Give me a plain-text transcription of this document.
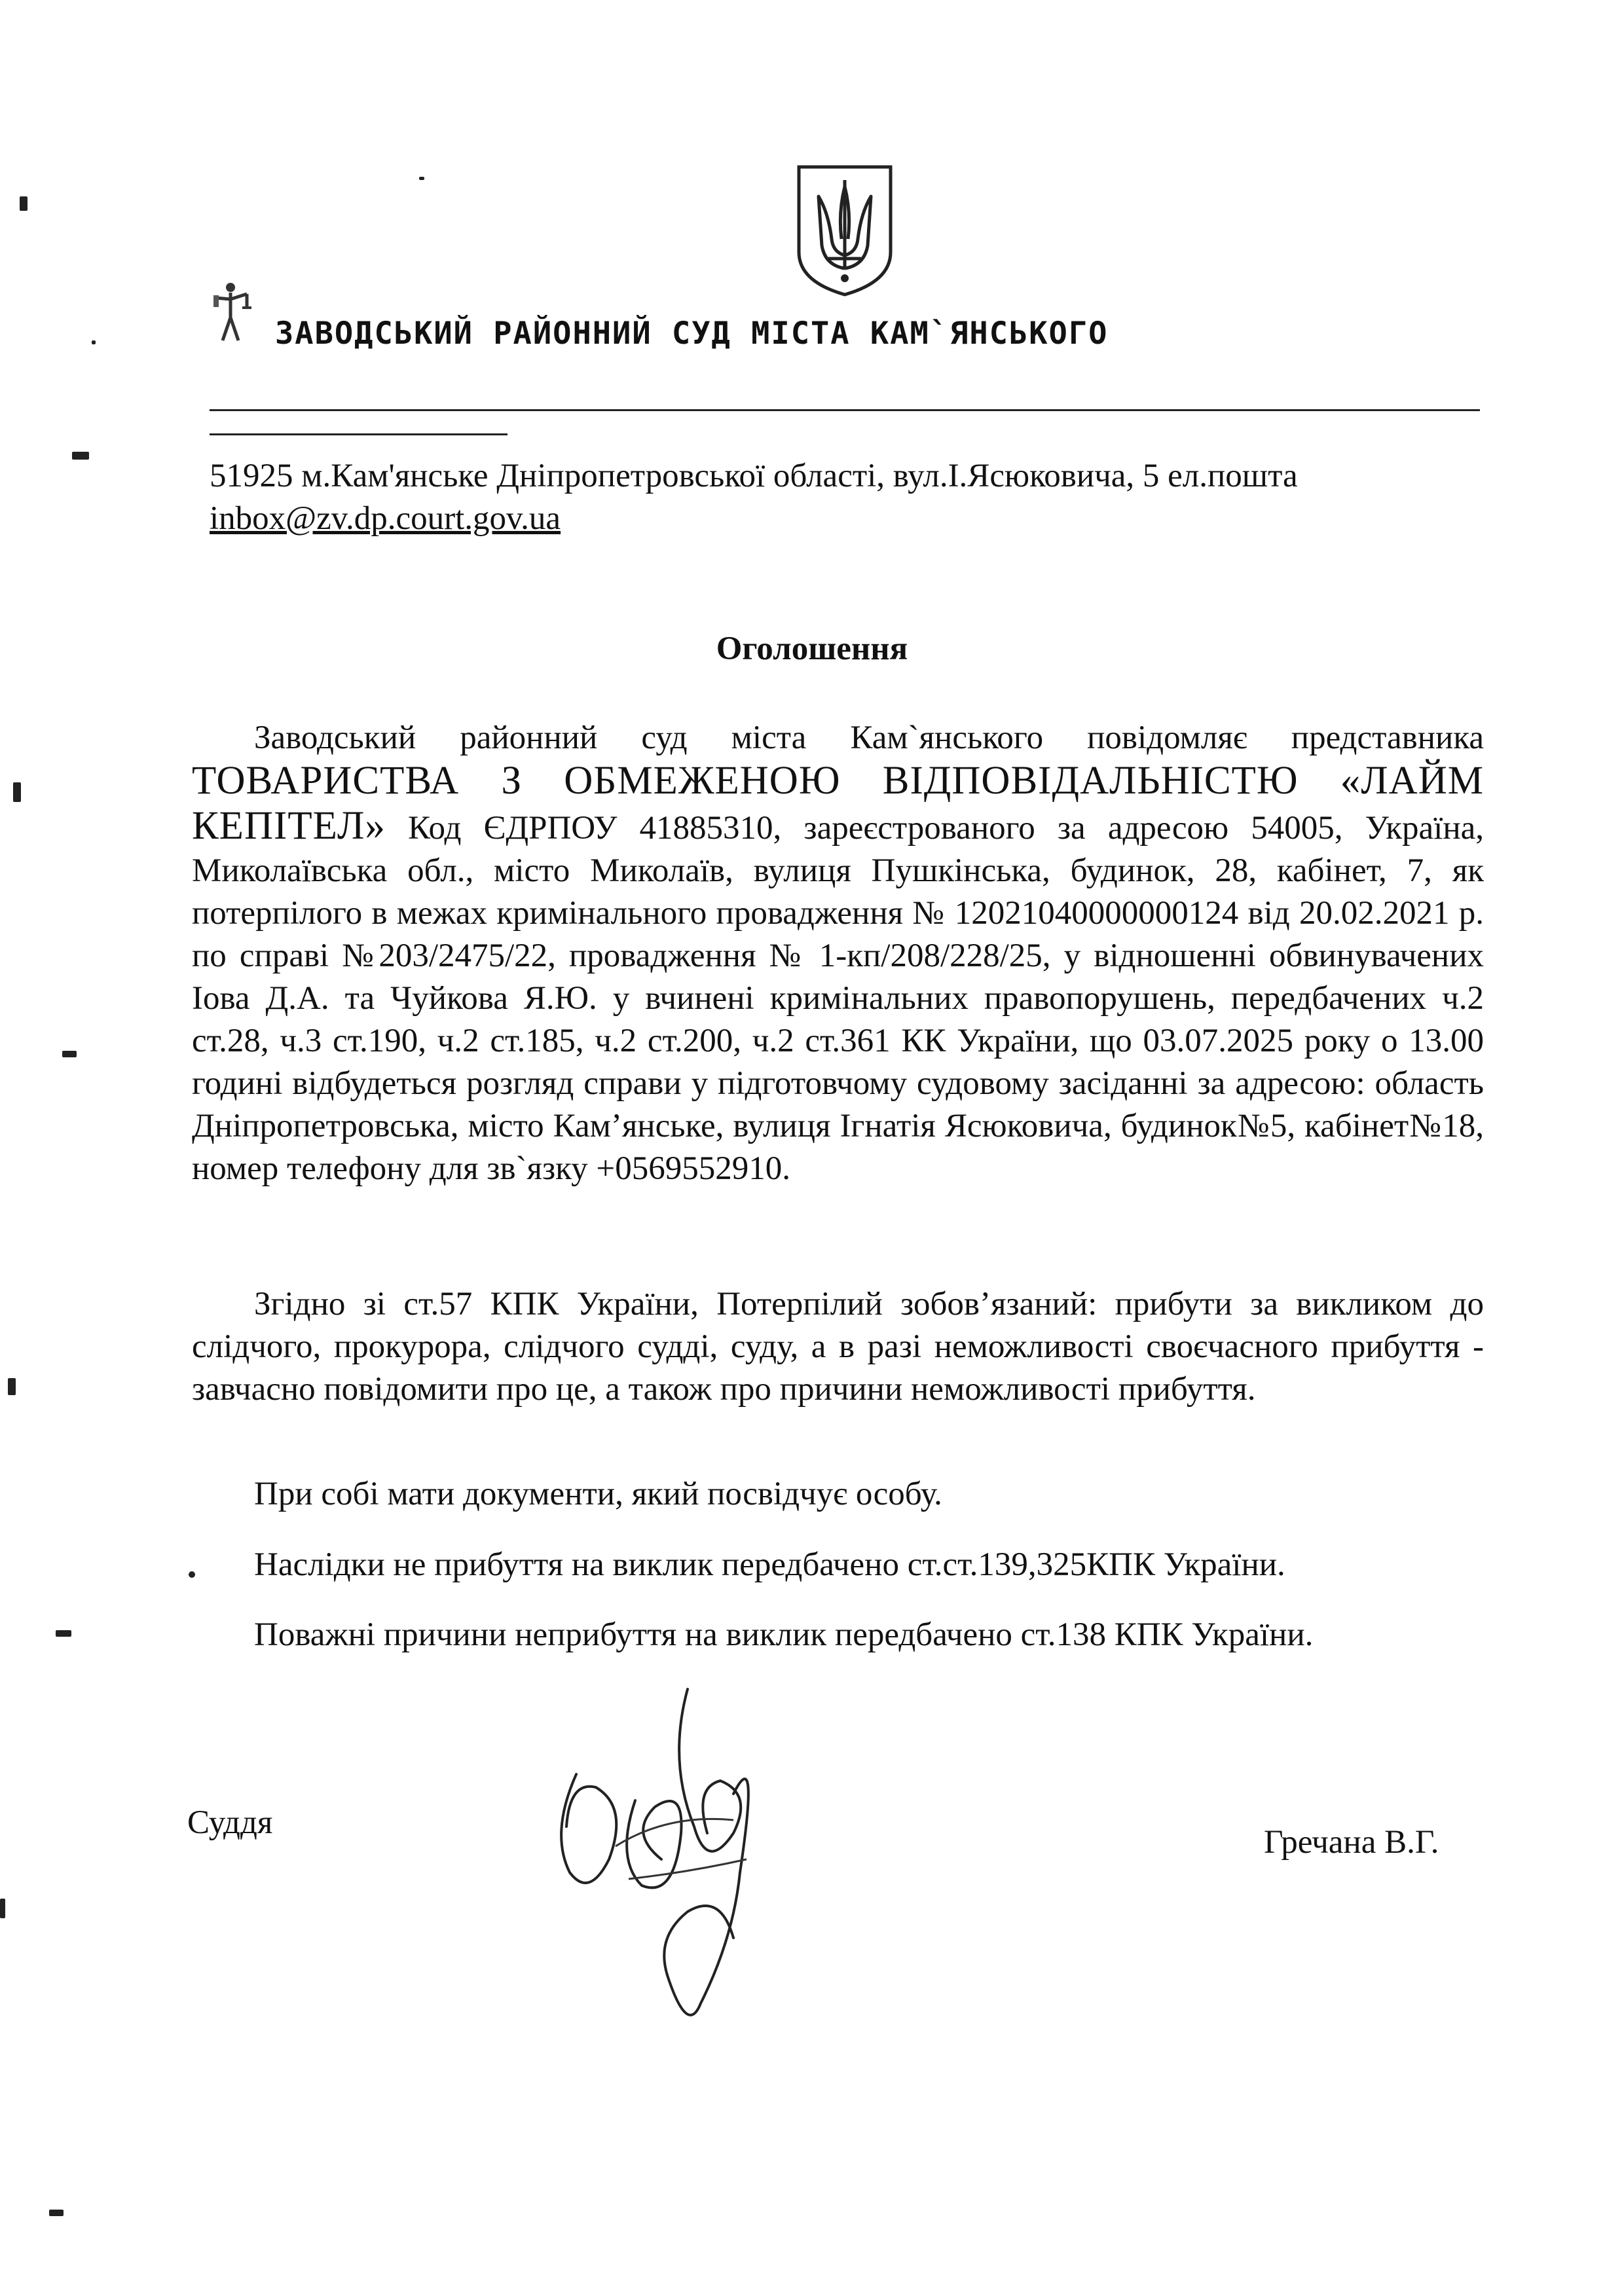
ЗАВОДСЬКИЙ РАЙОННИЙ СУД МІСТА КАМ`ЯНСЬКОГО
51925 м.Кам'янське Дніпропетровської області, вул.І.Ясюковича, 5 ел.пошта
inbox@zv.dp.court.gov.ua
Оголошення
Заводський районний суд міста Кам`янського повідомляє представника ТОВАРИСТВА З ОБМЕЖЕНОЮ ВІДПОВІДАЛЬНІСТЮ «ЛАЙМ КЕПІТЕЛ» Код ЄДРПОУ 41885310, зареєстрованого за адресою 54005, Україна, Миколаївська обл., місто Миколаїв, вулиця Пушкінська, будинок, 28, кабінет, 7, як потерпілого в межах кримінального провадження № 12021040000000124 від 20.02.2021 р. по справі №203/2475/22, провадження № 1-кп/208/228/25, у відношенні обвинувачених Іова Д.А. та Чуйкова Я.Ю. у вчинені кримінальних правопорушень, передбачених ч.2 ст.28, ч.3 ст.190, ч.2 ст.185, ч.2 ст.200, ч.2 ст.361 КК України, що 03.07.2025 року о 13.00 годині відбудеться розгляд справи у підготовчому судовому засіданні за адресою: область Дніпропетровська, місто Кам’янське, вулиця Ігнатія Ясюковича, будинок№5, кабінет№18, номер телефону для зв`язку +0569552910.
Згідно зі ст.57 КПК України, Потерпілий зобов’язаний: прибути за викликом до слідчого, прокурора, слідчого судді, суду, а в разі неможливості своєчасного прибуття - завчасно повідомити про це, а також про причини неможливості прибуття.
При собі мати документи, який посвідчує особу.
Наслідки не прибуття на виклик передбачено ст.ст.139,325КПК України.
Поважні причини неприбуття на виклик передбачено ст.138 КПК України.
Суддя
Гречана В.Г.
